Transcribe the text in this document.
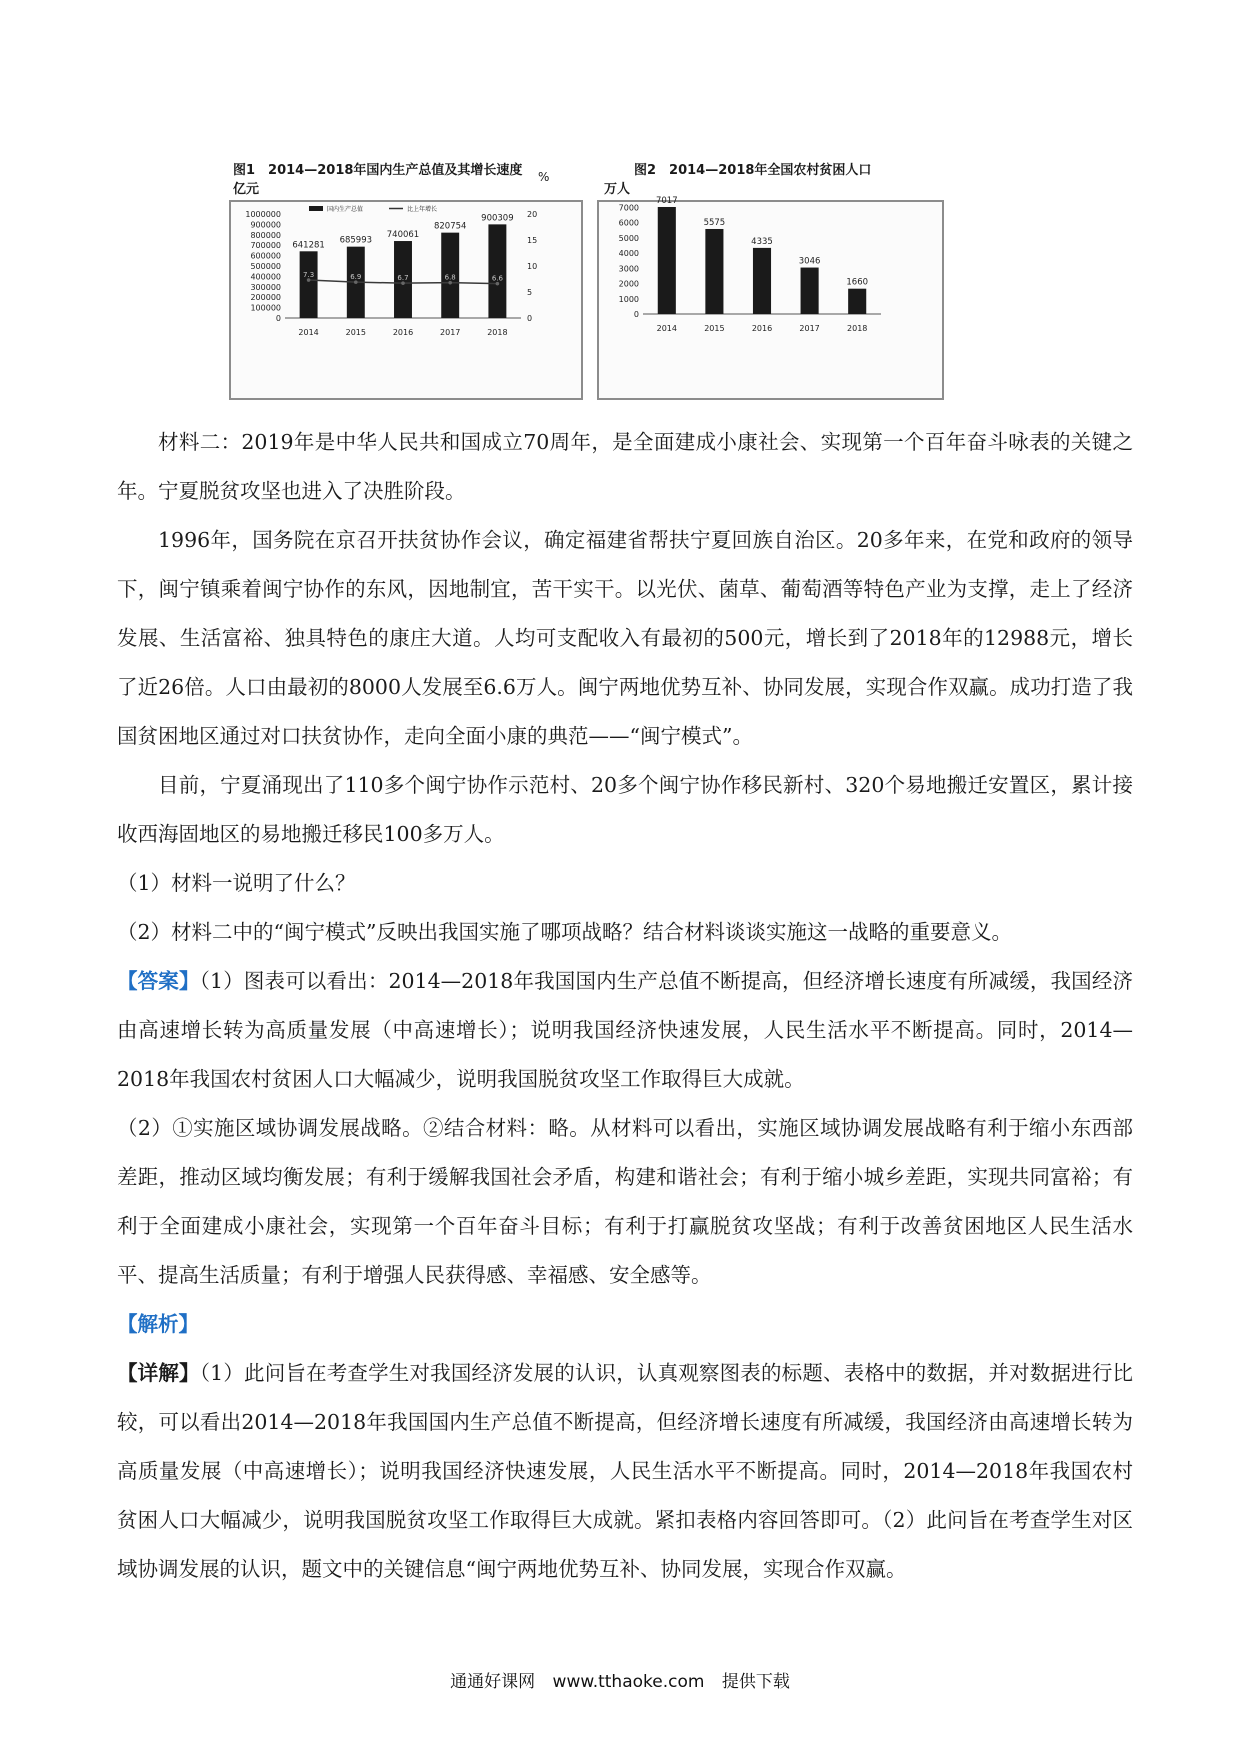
1000000
900000
800000
700000
600000
500000
400000
300000
200000
100000
0
20
15
10
5
0
国内生产总值	比上年增长
641281
2014
685993
2015
740061
2016
820754
2017
900309
2018
7.3	6.9	6.7	6.8	6.6
图1　2014—2018年国内生产总值及其增长速度
亿元
%
7000
6000
5000
4000
3000
2000
1000
0
7017
2014
5575
2015
4335
2016
3046
2017
1660
2018
图2　2014—2018年全国农村贫困人口
万人

材料二：2019年是中华人民共和国成立70周年，是全面建成小康社会、实现第一个百年奋斗咏表的关键之年。宁夏脱贫攻坚也进入了决胜阶段。

1996年，国务院在京召开扶贫协作会议，确定福建省帮扶宁夏回族自治区。20多年来，在党和政府的领导下，闽宁镇乘着闽宁协作的东风，因地制宜，苦干实干。以光伏、菌草、葡萄酒等特色产业为支撑，走上了经济发展、生活富裕、独具特色的康庄大道。人均可支配收入有最初的500元，增长到了2018年的12988元，增长了近26倍。人口由最初的8000人发展至6.6万人。闽宁两地优势互补、协同发展，实现合作双赢。成功打造了我国贫困地区通过对口扶贫协作，走向全面小康的典范——“闽宁模式”。

目前，宁夏涌现出了110多个闽宁协作示范村、20多个闽宁协作移民新村、320个易地搬迁安置区，累计接收西海固地区的易地搬迁移民100多万人。

（1）材料一说明了什么？

（2）材料二中的“闽宁模式”反映出我国实施了哪项战略？结合材料谈谈实施这一战略的重要意义。

【答案】（1）图表可以看出：2014—2018年我国国内生产总值不断提高，但经济增长速度有所减缓，我国经济由高速增长转为高质量发展（中高速增长）；说明我国经济快速发展，人民生活水平不断提高。同时，2014—2018年我国农村贫困人口大幅减少，说明我国脱贫攻坚工作取得巨大成就。

（2）①实施区域协调发展战略。②结合材料：略。从材料可以看出，实施区域协调发展战略有利于缩小东西部差距，推动区域均衡发展；有利于缓解我国社会矛盾，构建和谐社会；有利于缩小城乡差距，实现共同富裕；有利于全面建成小康社会，实现第一个百年奋斗目标；有利于打赢脱贫攻坚战；有利于改善贫困地区人民生活水平、提高生活质量；有利于增强人民获得感、幸福感、安全感等。

【解析】

【详解】（1）此问旨在考查学生对我国经济发展的认识，认真观察图表的标题、表格中的数据，并对数据进行比较，可以看出2014—2018年我国国内生产总值不断提高，但经济增长速度有所减缓，我国经济由高速增长转为高质量发展（中高速增长）；说明我国经济快速发展，人民生活水平不断提高。同时，2014—2018年我国农村贫困人口大幅减少，说明我国脱贫攻坚工作取得巨大成就。紧扣表格内容回答即可。（2）此问旨在考查学生对区域协调发展的认识，题文中的关键信息“闽宁两地优势互补、协同发展，实现合作双赢。

通通好课网 www.tthaoke.com 提供下载
